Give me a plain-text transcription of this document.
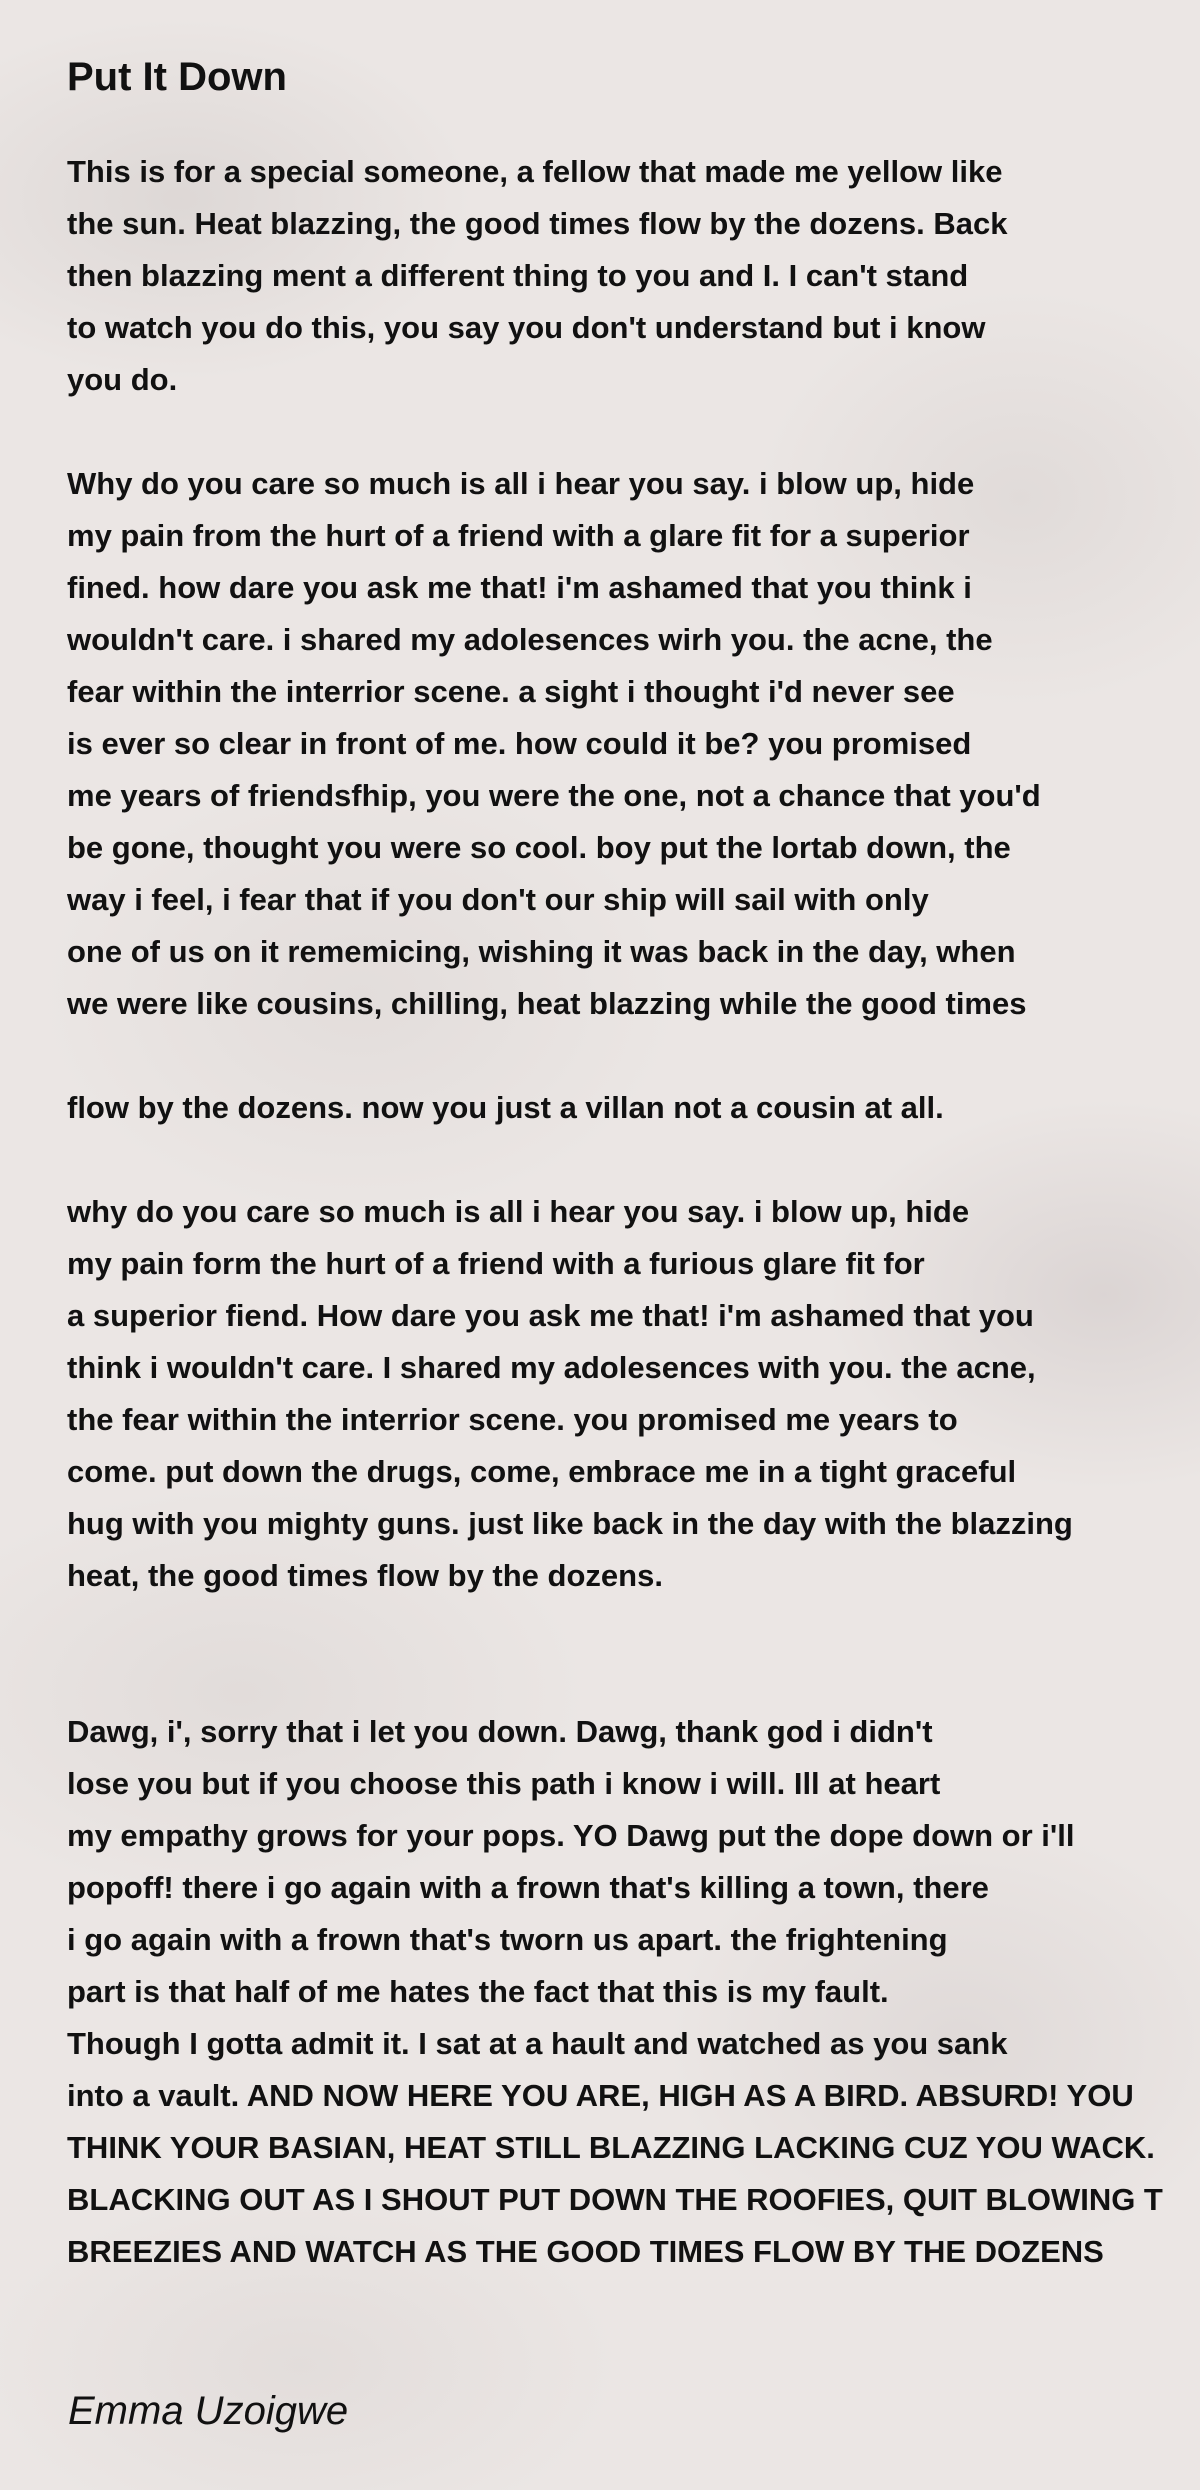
Put It Down
This is for a special someone, a fellow that made me yellow like
the sun. Heat blazzing, the good times flow by the dozens. Back
then blazzing ment a different thing to you and I. I can't stand
to watch you do this, you say you don't understand but i know
you do.
Why do you care so much is all i hear you say. i blow up, hide
my pain from the hurt of a friend with a glare fit for a superior
fined. how dare you ask me that! i'm ashamed that you think i
wouldn't care. i shared my adolesences wirh you. the acne, the
fear within the interrior scene. a sight i thought i'd never see
is ever so clear in front of me. how could it be? you promised
me years of friendsfhip, you were the one, not a chance that you'd
be gone, thought you were so cool. boy put the lortab down, the
way i feel, i fear that if you don't our ship will sail with only
one of us on it rememicing, wishing it was back in the day, when
we were like cousins, chilling, heat blazzing while the good times
flow by the dozens. now you just a villan not a cousin at all.
why do you care so much is all i hear you say. i blow up, hide
my pain form the hurt of a friend with a furious glare fit for
a superior fiend. How dare you ask me that! i'm ashamed that you
think i wouldn't care. I shared my adolesences with you. the acne,
the fear within the interrior scene. you promised me years to
come. put down the drugs, come, embrace me in a tight graceful
hug with you mighty guns. just like back in the day with the blazzing
heat, the good times flow by the dozens.
Dawg, i', sorry that i let you down. Dawg, thank god i didn't
lose you but if you choose this path i know i will. Ill at heart
my empathy grows for your pops. YO Dawg put the dope down or i'll
popoff! there i go again with a frown that's killing a town, there
i go again with a frown that's tworn us apart. the frightening
part is that half of me hates the fact that this is my fault.
Though I gotta admit it. I sat at a hault and watched as you sank
into a vault. AND NOW HERE YOU ARE, HIGH AS A BIRD. ABSURD! YOU
THINK YOUR BASIAN, HEAT STILL BLAZZING LACKING CUZ YOU WACK.
BLACKING OUT AS I SHOUT PUT DOWN THE ROOFIES, QUIT BLOWING T
BREEZIES AND WATCH AS THE GOOD TIMES FLOW BY THE DOZENS

Emma Uzoigwe
